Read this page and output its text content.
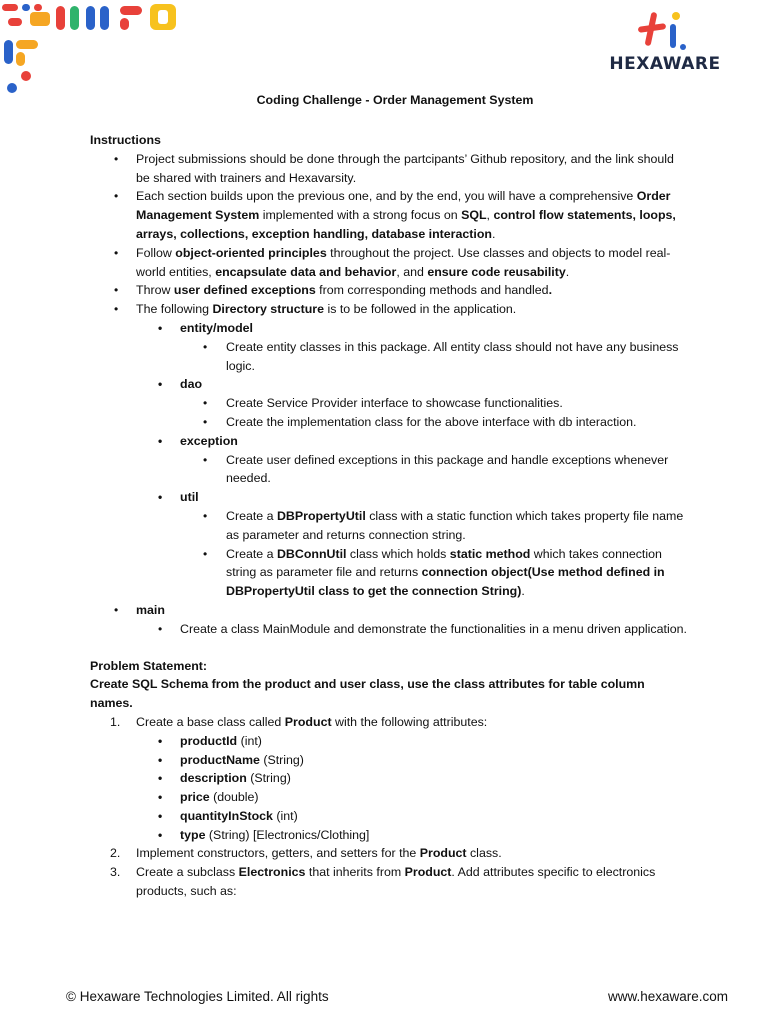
HEXAWARE
Coding Challenge - Order Management System
Instructions
• Project submissions should be done through the partcipants’ Github repository, and the link should be shared with trainers and Hexavarsity.
• Each section builds upon the previous one, and by the end, you will have a comprehensive Order Management System implemented with a strong focus on SQL, control flow statements, loops, arrays, collections, exception handling, database interaction.
• Follow object-oriented principles throughout the project. Use classes and objects to model real-world entities, encapsulate data and behavior, and ensure code reusability.
• Throw user defined exceptions from corresponding methods and handled.
• The following Directory structure is to be followed in the application.
• entity/model
• Create entity classes in this package. All entity class should not have any business logic.
• dao
• Create Service Provider interface to showcase functionalities.
• Create the implementation class for the above interface with db interaction.
• exception
• Create user defined exceptions in this package and handle exceptions whenever needed.
• util
• Create a DBPropertyUtil class with a static function which takes property file name as parameter and returns connection string.
• Create a DBConnUtil class which holds static method which takes connection string as parameter file and returns connection object(Use method defined in DBPropertyUtil class to get the connection String).
• main
• Create a class MainModule and demonstrate the functionalities in a menu driven application.
Problem Statement:
Create SQL Schema from the product and user class, use the class attributes for table column names.
1. Create a base class called Product with the following attributes:
• productId (int)
• productName (String)
• description (String)
• price (double)
• quantityInStock (int)
• type (String) [Electronics/Clothing]
2. Implement constructors, getters, and setters for the Product class.
3. Create a subclass Electronics that inherits from Product. Add attributes specific to electronics products, such as:
© Hexaware Technologies Limited. All rights	www.hexaware.com
